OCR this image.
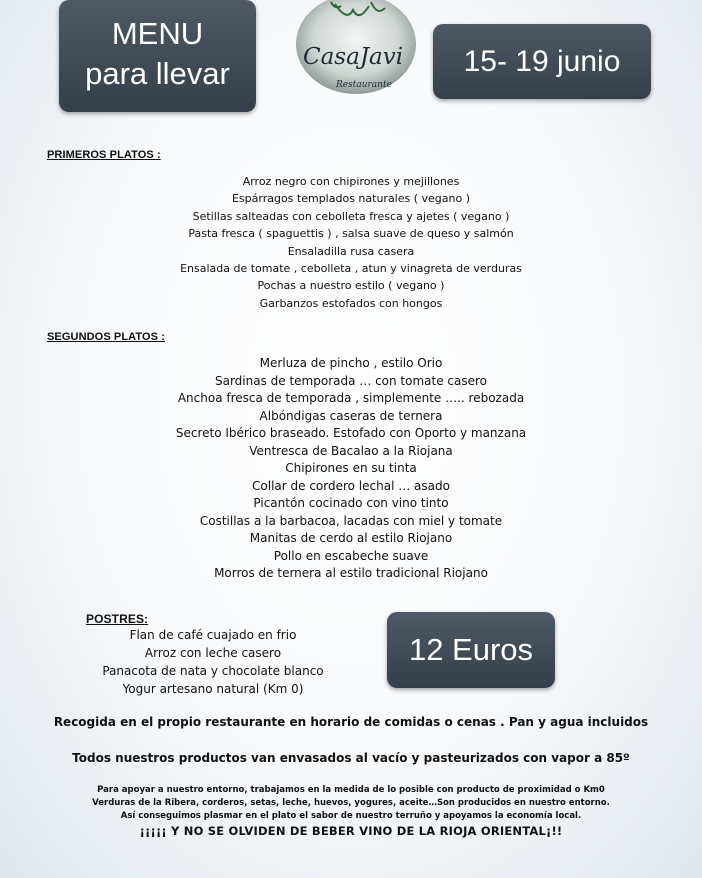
MENU
para llevar	CasaJavi
Restaurante
15- 19 junio
PRIMEROS PLATOS :
Arroz negro con chipirones y mejillones
Espárragos templados naturales ( vegano )
Setillas salteadas con cebolleta fresca y ajetes ( vegano )
Pasta fresca ( spaguettis ) , salsa suave de queso y salmón
Ensaladilla rusa casera
Ensalada de tomate , cebolleta , atun y vinagreta de verduras
Pochas a nuestro estilo ( vegano )
Garbanzos estofados con hongos
SEGUNDOS PLATOS :
Merluza de pincho , estilo Orio
Sardinas de temporada … con tomate casero
Anchoa fresca de temporada , simplemente ….. rebozada
Albóndigas caseras de ternera
Secreto Ibérico braseado. Estofado con Oporto y manzana
Ventresca de Bacalao a la Riojana
Chipirones en su tinta
Collar de cordero lechal … asado
Picantón cocinado con vino tinto
Costillas a la barbacoa, lacadas con miel y tomate
Manitas de cerdo al estilo Riojano
Pollo en escabeche suave
Morros de ternera al estilo tradicional Riojano
POSTRES:
Flan de café cuajado en frio
Arroz con leche casero
Panacota de nata y chocolate blanco
Yogur artesano natural (Km 0)
12 Euros
Recogida en el propio restaurante en horario de comidas o cenas . Pan y agua incluidos
Todos nuestros productos van envasados al vacío y pasteurizados con vapor a 85º
Para apoyar a nuestro entorno, trabajamos en la medida de lo posible con producto de proximidad o Km0
Verduras de la Ribera, corderos, setas, leche, huevos, yogures, aceite…Son producidos en nuestro entorno.
Así conseguimos plasmar en el plato el sabor de nuestro terruño y apoyamos la economía local.
¡¡¡¡¡ Y NO SE OLVIDEN DE BEBER VINO DE LA RIOJA ORIENTAL¡!!
